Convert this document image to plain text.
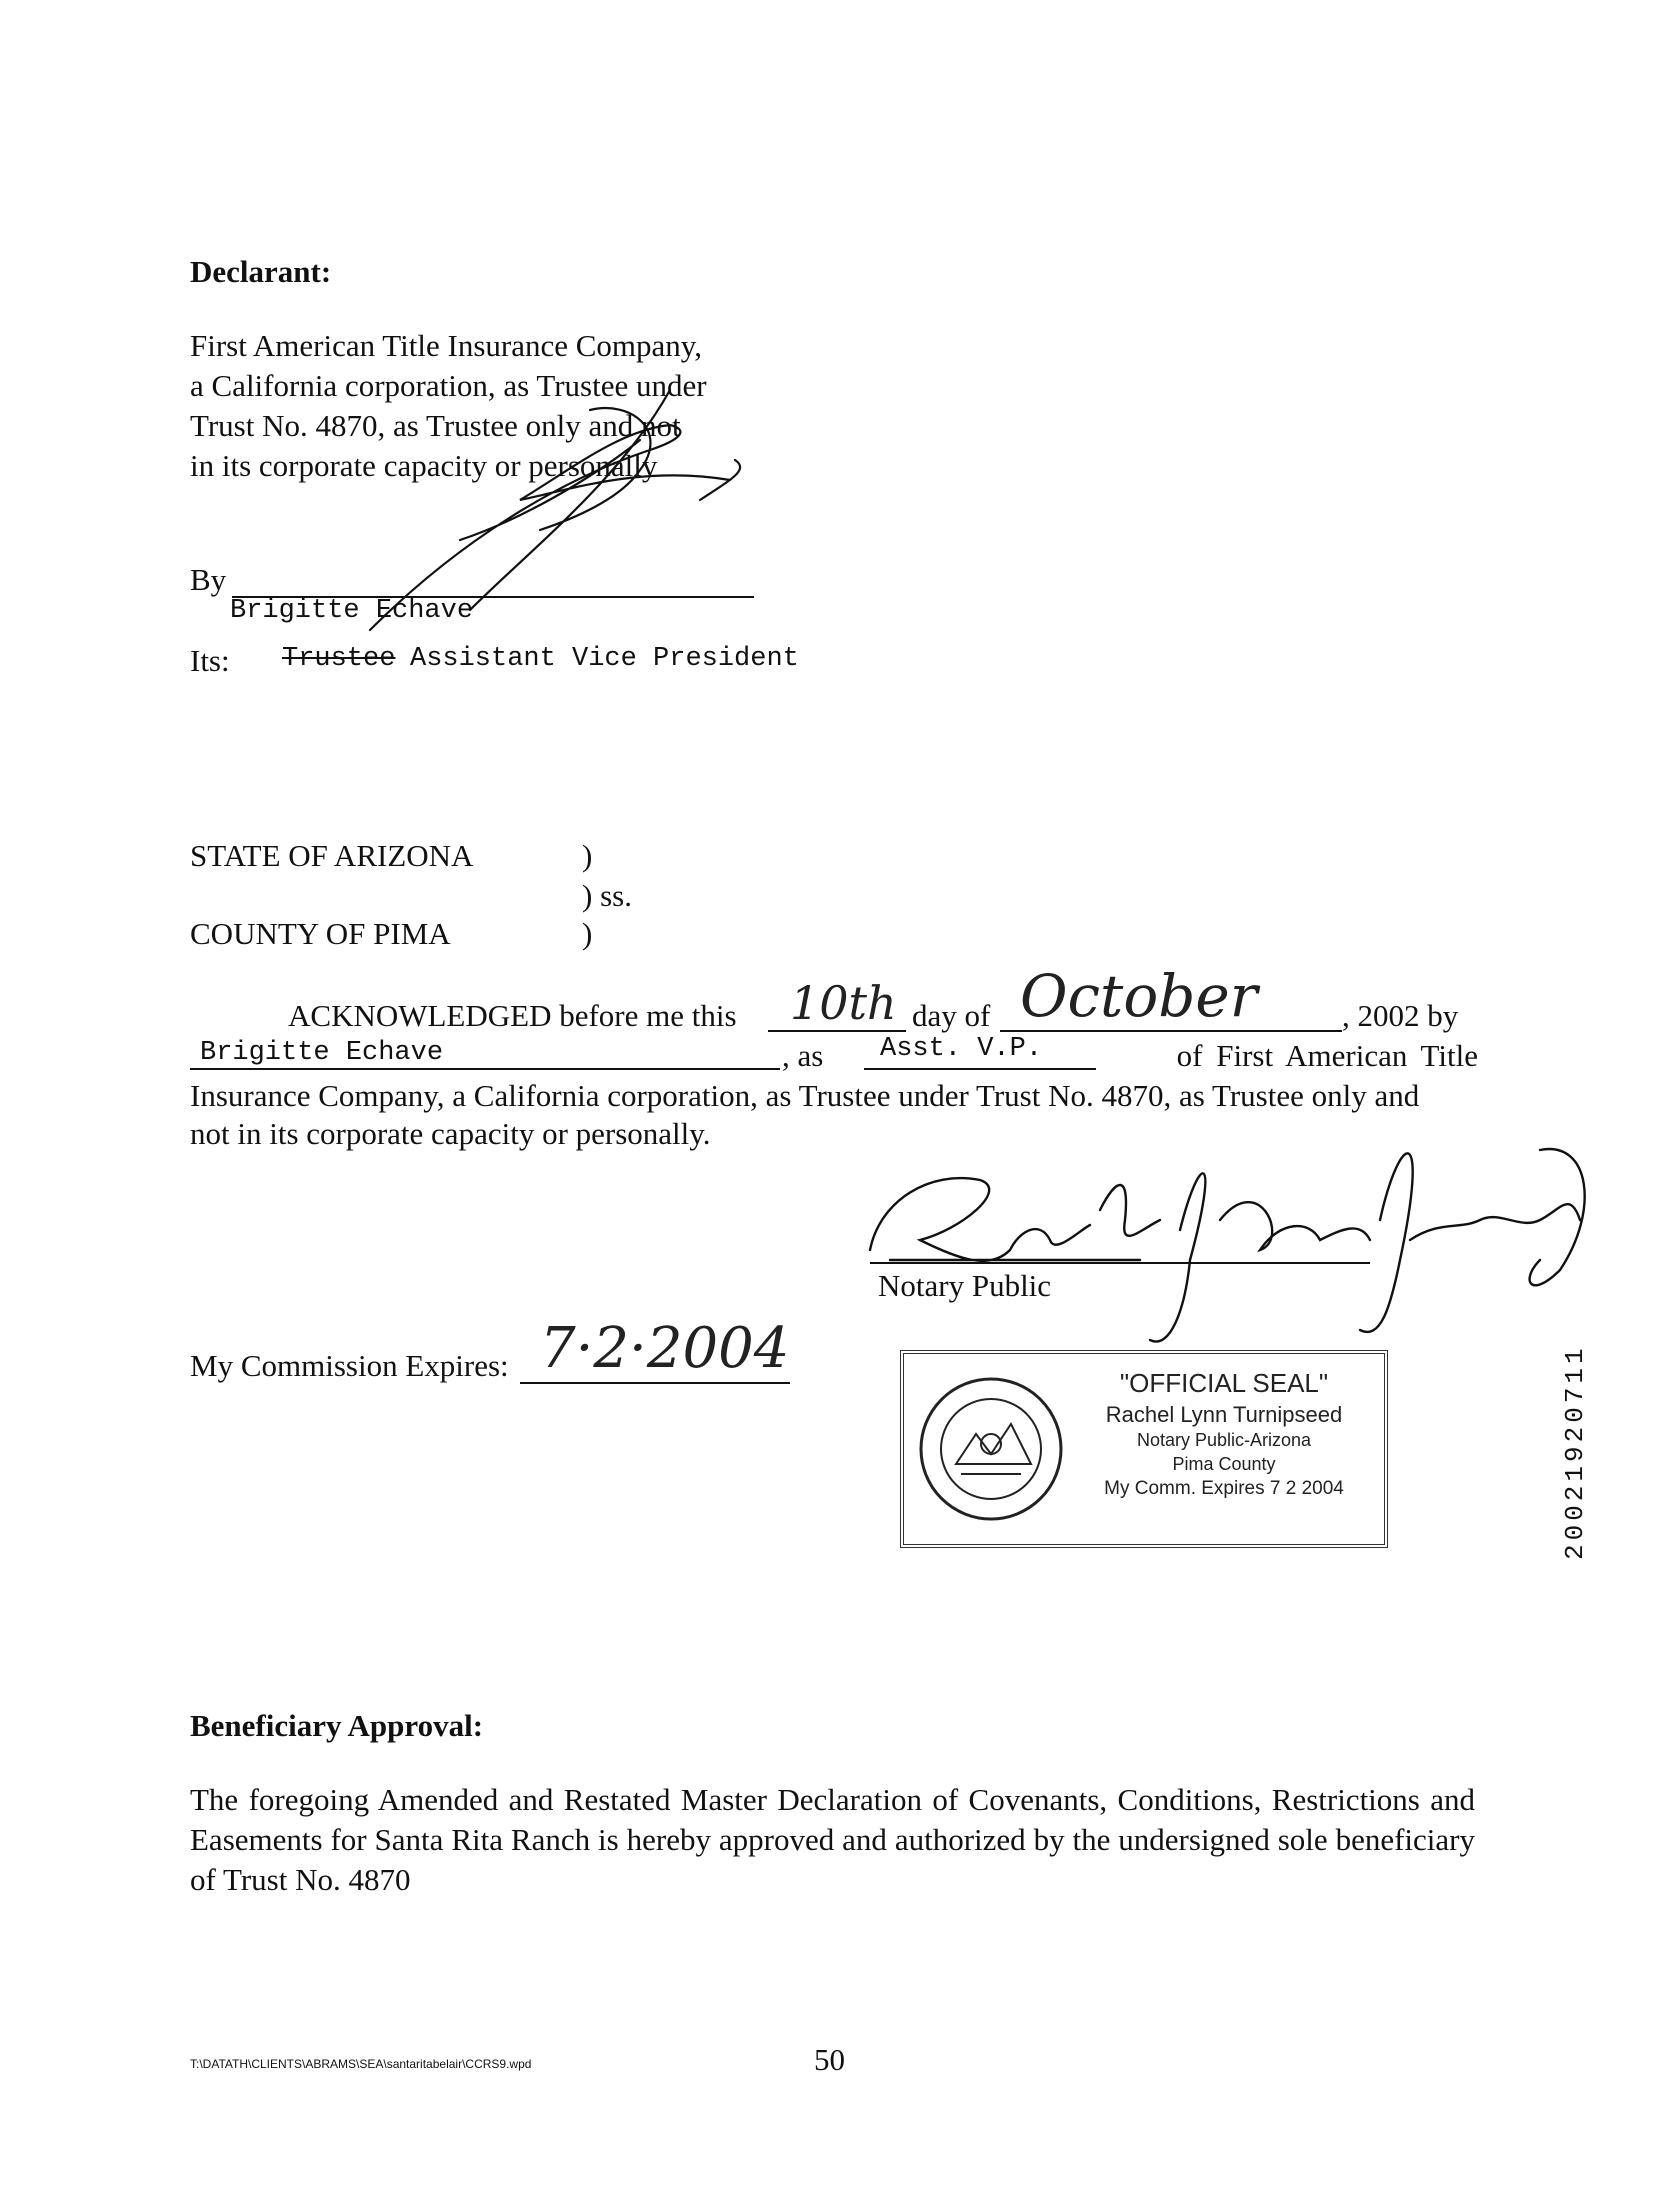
Declarant:
First American Title Insurance Company,
a California corporation, as Trustee under
Trust No. 4870, as Trustee only and not
in its corporate capacity or personally
By
Brigitte Echave
Its: Trustee Assistant Vice President
STATE OF ARIZONA	)
) ss.
COUNTY OF PIMA	)
ACKNOWLEDGED before me this 10th day of October	, 2002 by
Brigitte Echave	, as Asst. V.P.	of First American Title
Insurance Company, a California corporation, as Trustee under Trust No. 4870, as Trustee only and
not in its corporate capacity or personally.
Notary Public
My Commission Expires: 7·2·2004
"OFFICIAL SEAL"
Rachel Lynn Turnipseed
Notary Public-Arizona
Pima County
My Comm. Expires 7 2 2004
Beneficiary Approval:
The foregoing Amended and Restated Master Declaration of Covenants, Conditions, Restrictions and Easements for Santa Rita Ranch is hereby approved and authorized by the undersigned sole beneficiary of Trust No. 4870
T:\DATATH\CLIENTS\ABRAMS\SEA\santaritabelair\CCRS9.wpd	50
20021920711
